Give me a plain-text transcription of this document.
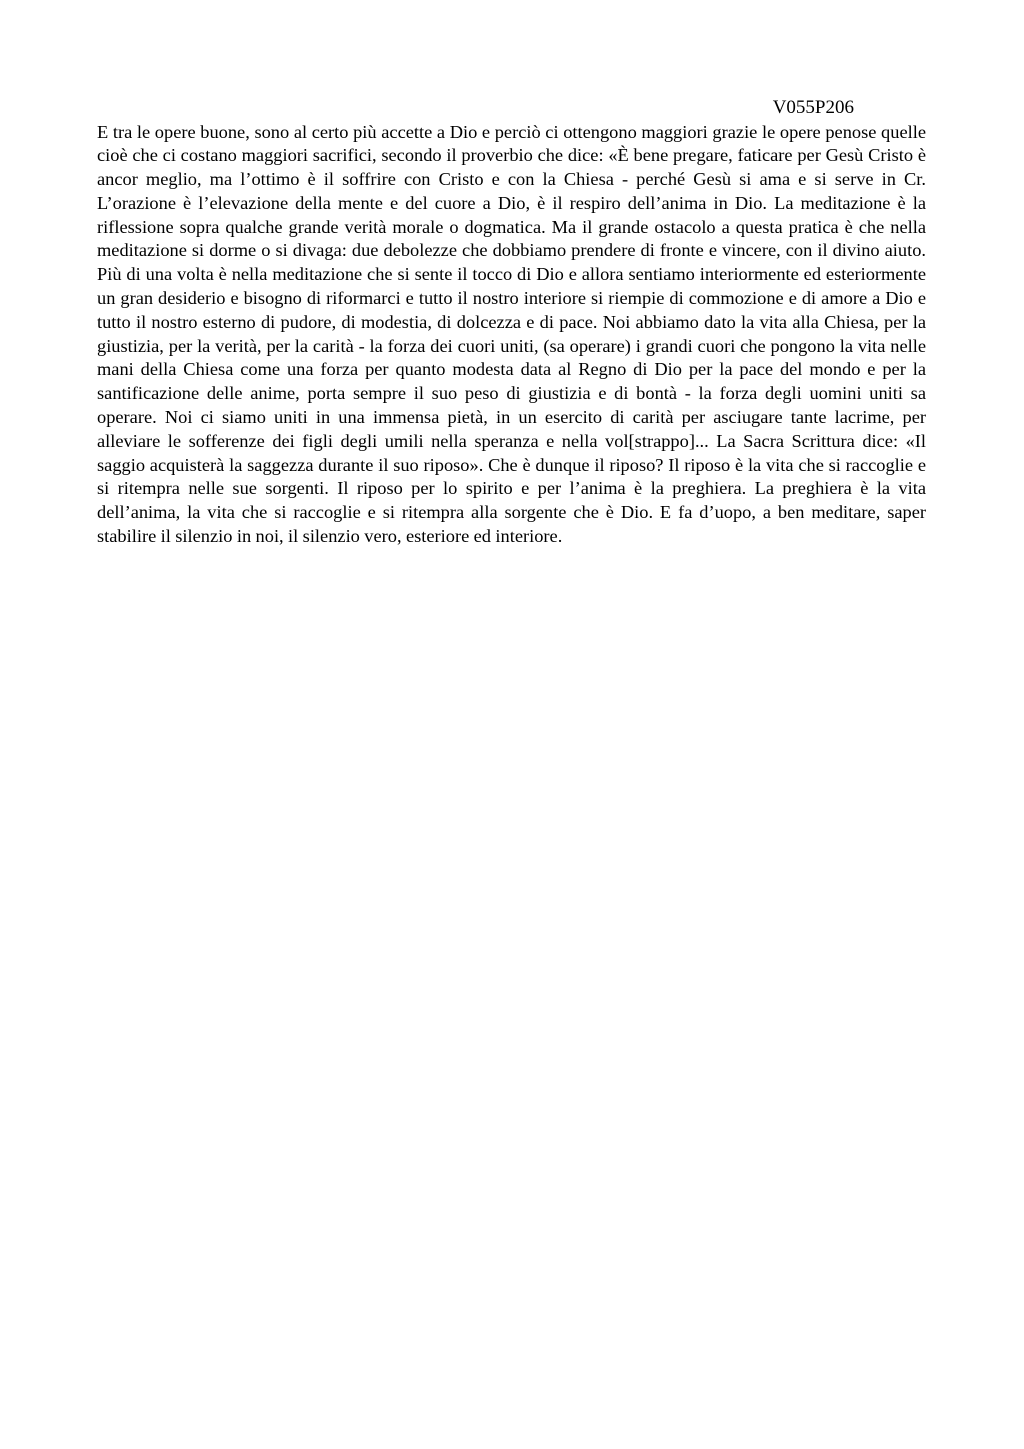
V055P206

E tra le opere buone, sono al certo più accette a Dio e perciò ci ottengono maggiori grazie le opere penose quelle cioè che ci costano maggiori sacrifici, secondo il proverbio che dice: «È bene pregare, faticare per Gesù Cristo è ancor meglio, ma l’ottimo è il soffrire con Cristo e con la Chiesa - perché Gesù si ama e si serve in Cr. L’orazione è l’elevazione della mente e del cuore a Dio, è il respiro dell’anima in Dio. La meditazione è la riflessione sopra qualche grande verità morale o dogmatica. Ma il grande ostacolo a questa pratica è che nella meditazione si dorme o si divaga: due debolezze che dobbiamo prendere di fronte e vincere, con il divino aiuto. Più di una volta è nella meditazione che si sente il tocco di Dio e allora sentiamo interiormente ed esteriormente un gran desiderio e bisogno di riformarci e tutto il nostro interiore si riempie di commozione e di amore a Dio e tutto il nostro esterno di pudore, di modestia, di dolcezza e di pace. Noi abbiamo dato la vita alla Chiesa, per la giustizia, per la verità, per la carità - la forza dei cuori uniti, (sa operare) i grandi cuori che pongono la vita nelle mani della Chiesa come una forza per quanto modesta data al Regno di Dio per la pace del mondo e per la santificazione delle anime, porta sempre il suo peso di giustizia e di bontà - la forza degli uomini uniti sa operare. Noi ci siamo uniti in una immensa pietà, in un esercito di carità per asciugare tante lacrime, per alleviare le sofferenze dei figli degli umili nella speranza e nella vol[strappo]... La Sacra Scrittura dice: «Il saggio acquisterà la saggezza durante il suo riposo». Che è dunque il riposo? Il riposo è la vita che si raccoglie e si ritempra nelle sue sorgenti. Il riposo per lo spirito e per l’anima è la preghiera. La preghiera è la vita dell’anima, la vita che si raccoglie e si ritempra alla sorgente che è Dio. E fa d’uopo, a ben meditare, saper stabilire il silenzio in noi, il silenzio vero, esteriore ed interiore.
